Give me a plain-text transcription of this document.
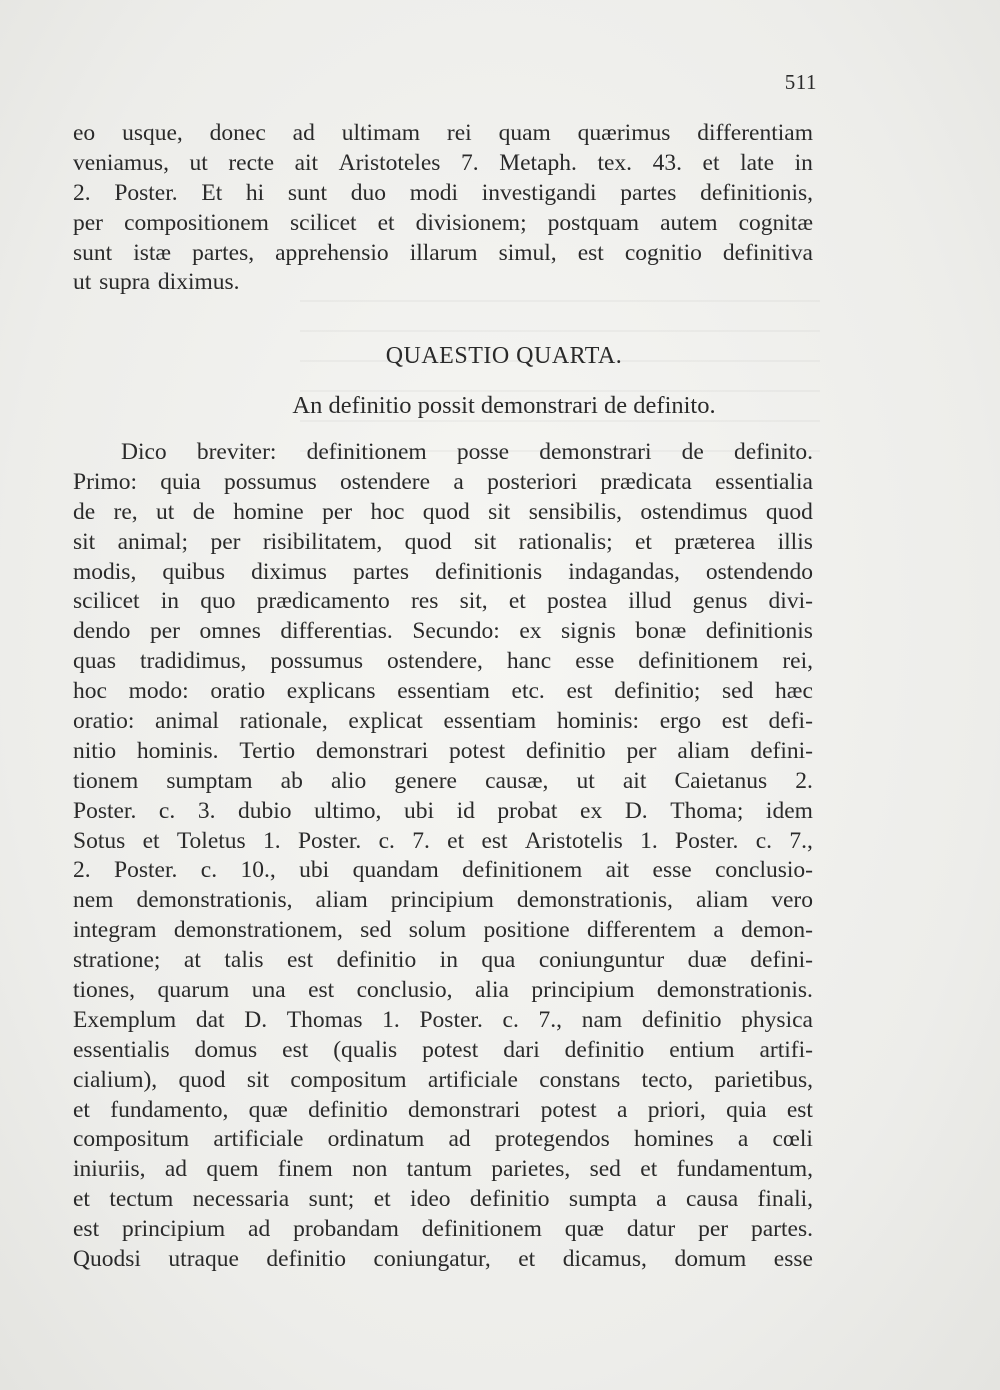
511
eo usque, donec ad ultimam rei quam quærimus differentiam
veniamus, ut recte ait Aristoteles 7. Metaph. tex. 43. et late in
2. Poster. Et hi sunt duo modi investigandi partes definitionis,
per compositionem scilicet et divisionem; postquam autem cognitæ
sunt istæ partes, apprehensio illarum simul, est cognitio definitiva
ut supra diximus.
QUAESTIO QUARTA.
An definitio possit demonstrari de definito.
Dico breviter: definitionem posse demonstrari de definito.
Primo: quia possumus ostendere a posteriori prædicata essentialia
de re, ut de homine per hoc quod sit sensibilis, ostendimus quod
sit animal; per risibilitatem, quod sit rationalis; et præterea illis
modis, quibus diximus partes definitionis indagandas, ostendendo
scilicet in quo prædicamento res sit, et postea illud genus divi-
dendo per omnes differentias. Secundo: ex signis bonæ definitionis
quas tradidimus, possumus ostendere, hanc esse definitionem rei,
hoc modo: oratio explicans essentiam etc. est definitio; sed hæc
oratio: animal rationale, explicat essentiam hominis: ergo est defi-
nitio hominis. Tertio demonstrari potest definitio per aliam defini-
tionem sumptam ab alio genere causæ, ut ait Caietanus 2.
Poster. c. 3. dubio ultimo, ubi id probat ex D. Thoma; idem
Sotus et Toletus 1. Poster. c. 7. et est Aristotelis 1. Poster. c. 7.,
2. Poster. c. 10., ubi quandam definitionem ait esse conclusio-
nem demonstrationis, aliam principium demonstrationis, aliam vero
integram demonstrationem, sed solum positione differentem a demon-
stratione; at talis est definitio in qua coniunguntur duæ defini-
tiones, quarum una est conclusio, alia principium demonstrationis.
Exemplum dat D. Thomas 1. Poster. c. 7., nam definitio physica
essentialis domus est (qualis potest dari definitio entium artifi-
cialium), quod sit compositum artificiale constans tecto, parietibus,
et fundamento, quæ definitio demonstrari potest a priori, quia est
compositum artificiale ordinatum ad protegendos homines a cœli
iniuriis, ad quem finem non tantum parietes, sed et fundamentum,
et tectum necessaria sunt; et ideo definitio sumpta a causa finali,
est principium ad probandam definitionem quæ datur per partes.
Quodsi utraque definitio coniungatur, et dicamus, domum esse
